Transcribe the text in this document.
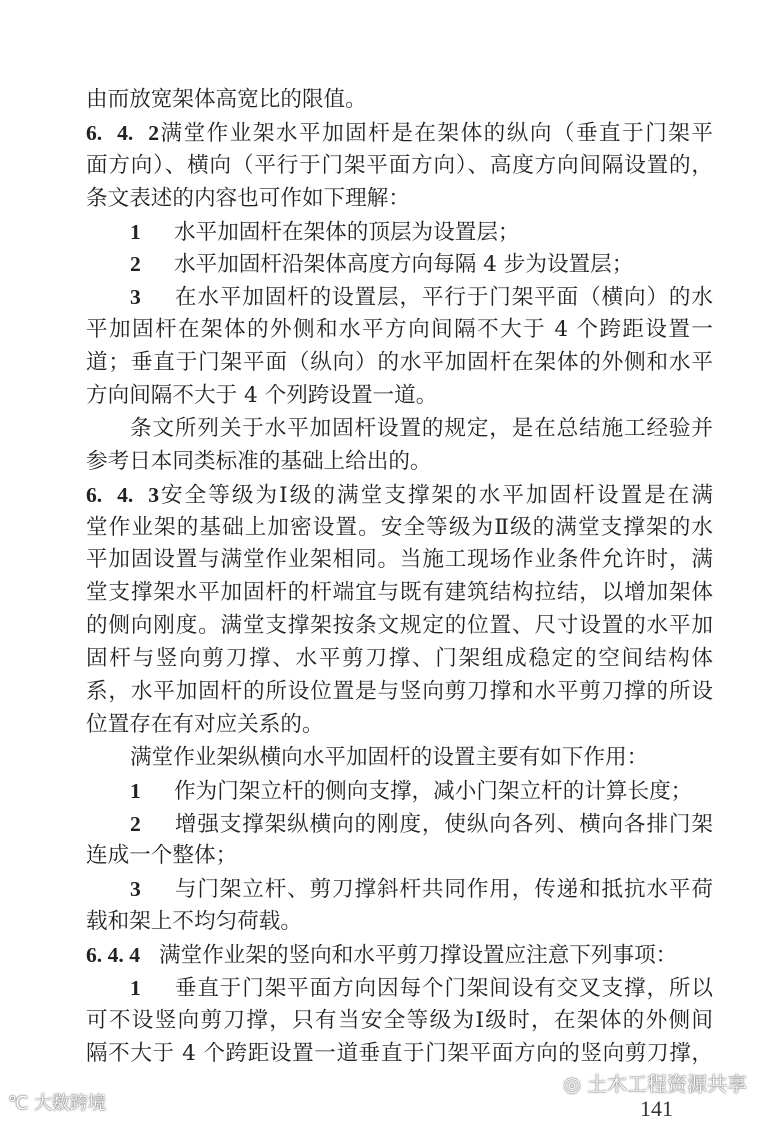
由而放宽架体高宽比的限值。
6. 4. 2满堂作业架水平加固杆是在架体的纵向（垂直于门架平
面方向）、横向（平行于门架平面方向）、高度方向间隔设置的，
条文表述的内容也可作如下理解：
1 水平加固杆在架体的顶层为设置层；
2 水平加固杆沿架体高度方向每隔 4 步为设置层；
3 在水平加固杆的设置层，平行于门架平面（横向）的水
平加固杆在架体的外侧和水平方向间隔不大于 4 个跨距设置一
道；垂直于门架平面（纵向）的水平加固杆在架体的外侧和水平
方向间隔不大于 4 个列跨设置一道。
条文所列关于水平加固杆设置的规定，是在总结施工经验并
参考日本同类标准的基础上给出的。
6. 4. 3安全等级为Ⅰ级的满堂支撑架的水平加固杆设置是在满
堂作业架的基础上加密设置。安全等级为Ⅱ级的满堂支撑架的水
平加固设置与满堂作业架相同。当施工现场作业条件允许时，满
堂支撑架水平加固杆的杆端宜与既有建筑结构拉结，以增加架体
的侧向刚度。满堂支撑架按条文规定的位置、尺寸设置的水平加
固杆与竖向剪刀撑、水平剪刀撑、门架组成稳定的空间结构体
系，水平加固杆的所设位置是与竖向剪刀撑和水平剪刀撑的所设
位置存在有对应关系的。
满堂作业架纵横向水平加固杆的设置主要有如下作用：
1 作为门架立杆的侧向支撑，减小门架立杆的计算长度；
2 增强支撑架纵横向的刚度，使纵向各列、横向各排门架
连成一个整体；
3 与门架立杆、剪刀撑斜杆共同作用，传递和抵抗水平荷
载和架上不均匀荷载。
6. 4. 4 满堂作业架的竖向和水平剪刀撑设置应注意下列事项：
1 垂直于门架平面方向因每个门架间设有交叉支撑，所以
可不设竖向剪刀撑，只有当安全等级为Ⅰ级时，在架体的外侧间
隔不大于 4 个跨距设置一道垂直于门架平面方向的竖向剪刀撑，
◎ 土木工程资源共享
141
℃ 大数跨境
